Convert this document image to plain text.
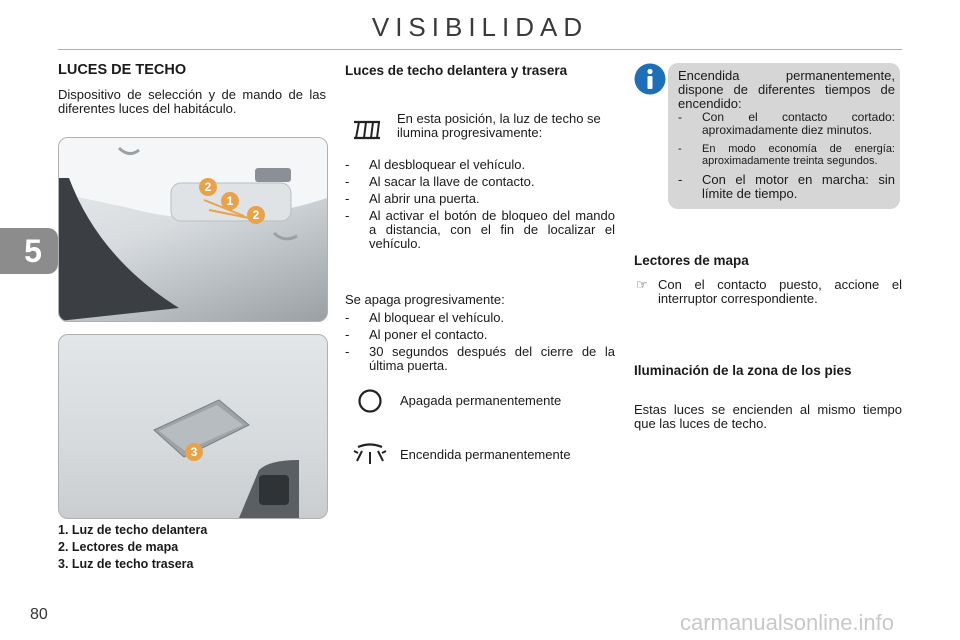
VISIBILIDAD
5
LUCES DE TECHO
Dispositivo de selección y de mando de las diferentes luces del habitáculo.
2
1
2
3
1. Luz de techo delantera
2. Lectores de mapa
3. Luz de techo trasera
Luces de techo delantera y trasera
En esta posición, la luz de techo se ilumina progresivamente:
- Al desbloquear el vehículo.
- Al sacar la llave de contacto.
- Al abrir una puerta.
- Al activar el botón de bloqueo del mando a distancia, con el fin de localizar el vehículo.
Se apaga progresivamente:
- Al bloquear el vehículo.
- Al poner el contacto.
- 30 segundos después del cierre de la última puerta.
Apagada permanentemente
Encendida permanentemente
Encendida permanentemente, dispone de diferentes tiempos de encendido:
- Con el contacto cortado: aproximadamente diez minutos.
- En modo economía de energía: aproximadamente treinta segundos.
- Con el motor en marcha: sin límite de tiempo.
Lectores de mapa
☞ Con el contacto puesto, accione el interruptor correspondiente.
Iluminación de la zona de los pies
Estas luces se encienden al mismo tiempo que las luces de techo.
80	carmanualsonline.info
